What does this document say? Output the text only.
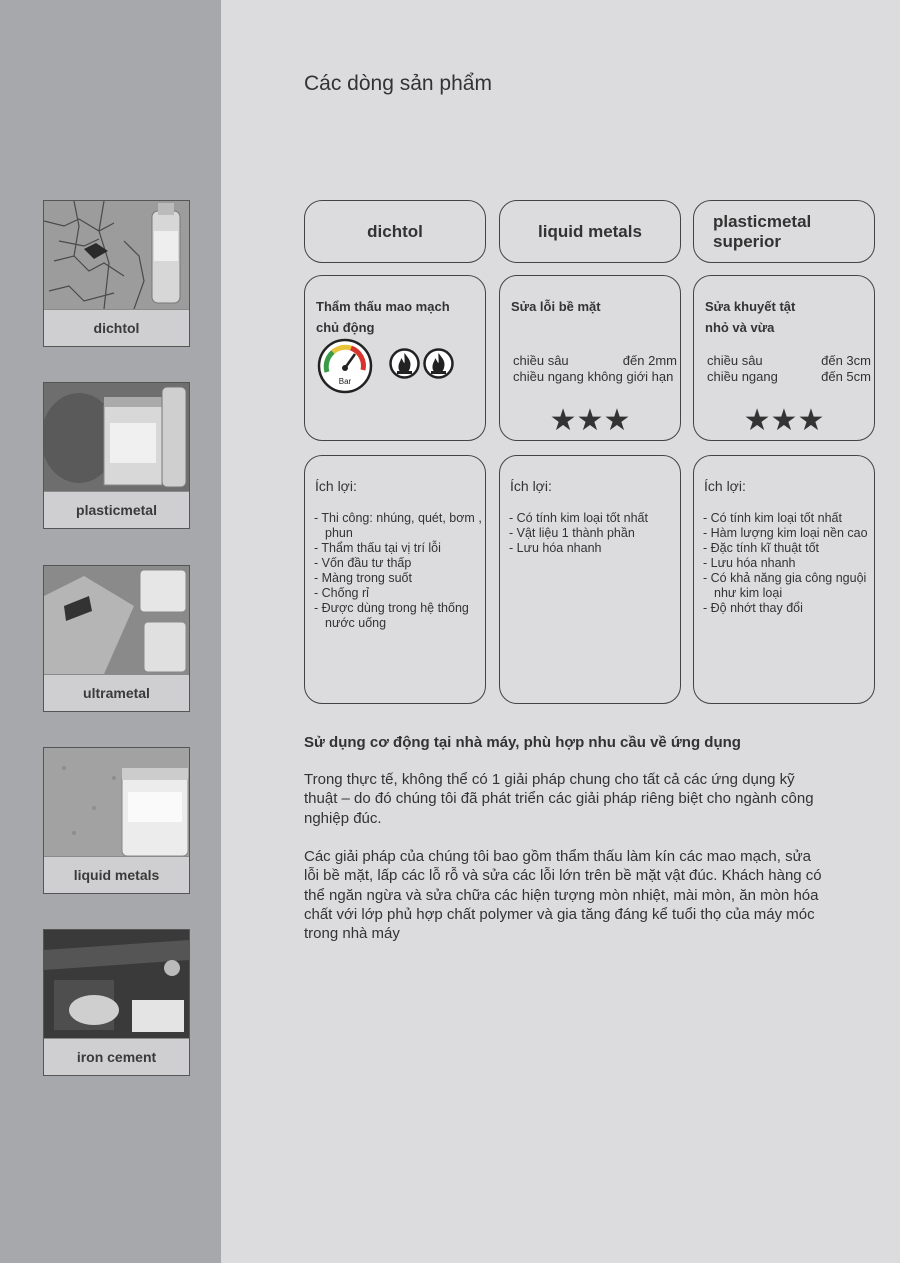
dichtol
plasticmetal
ultrametal
liquid metals
iron cement
Các dòng sản phẩm
dichtol	liquid metals
plasticmetal superior
Thẩm thấu mao mạch chủ động
Bar
Sửa lỗi bề mặt
chiều sâu	đến 2mm
chiều ngang không giới hạn
★★★
Sửa khuyết tật nhỏ và vừa
chiều sâu	đến 3cm
chiều ngang	đến 5cm
★★★
Ích lợi:
- Thi công: nhúng, quét, bơm , phun
- Thẩm thấu tại vị trí lỗi
- Vốn đầu tư thấp
- Màng trong suốt
- Chống rỉ
- Được dùng trong hệ thống nước uống
Ích lợi:
- Có tính kim loại tốt nhất
- Vật liệu 1 thành phần
- Lưu hóa nhanh
Ích lợi:
- Có tính kim loại tốt nhất
- Hàm lượng kim loại nền cao
- Đặc tính kĩ thuật tốt
- Lưu hóa nhanh
- Có khả năng gia công nguội như kim loại
- Độ nhớt thay đổi
Sử dụng cơ động tại nhà máy, phù hợp nhu cầu về ứng dụng
Trong thực tế, không thể có 1 giải pháp chung cho tất cả các ứng dụng kỹ thuật – do đó chúng tôi đã phát triển các giải pháp riêng biệt cho ngành công nghiệp đúc.
Các giải pháp của chúng tôi bao gồm thẩm thấu làm kín các mao mạch, sửa lỗi bề mặt, lấp các lỗ rỗ và sửa các lỗi lớn trên bề mặt vật đúc. Khách hàng có thể ngăn ngừa và sửa chữa các hiện tượng mòn nhiệt, mài mòn, ăn mòn hóa chất với lớp phủ hợp chất polymer và gia tăng đáng kể tuổi thọ của máy móc trong nhà máy
